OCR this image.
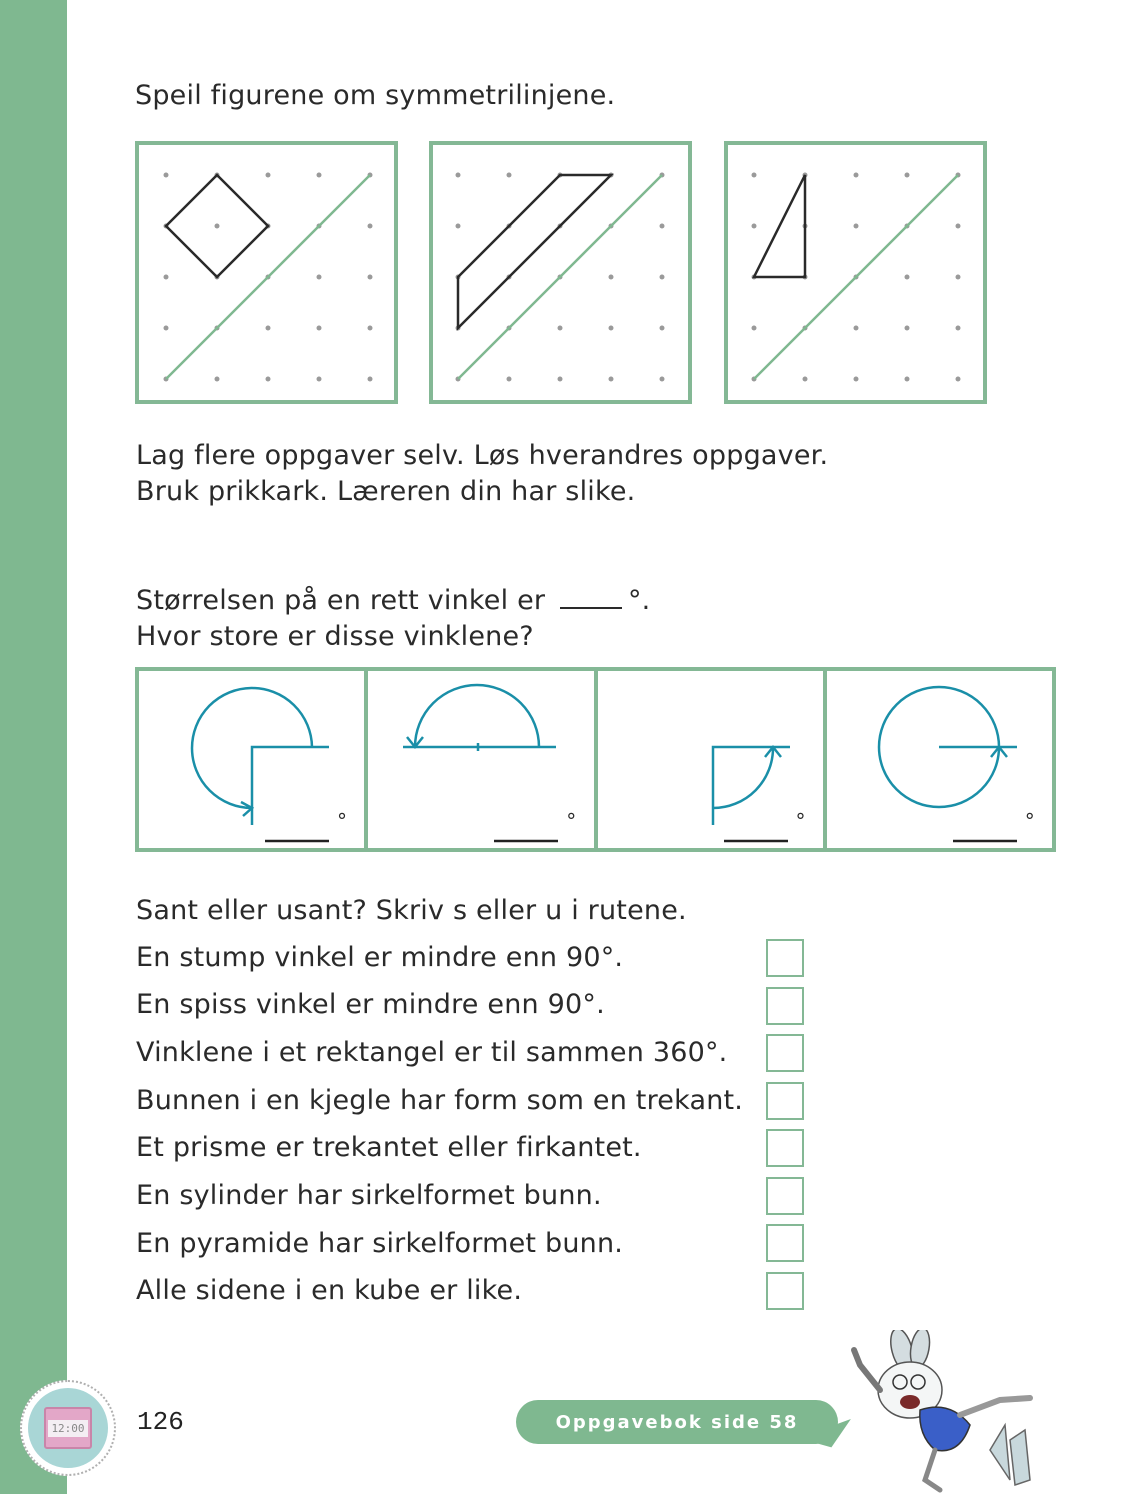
Speil figurene om symmetrilinjene.
Lag flere oppgaver selv. Løs hverandres oppgaver.
Bruk prikkark. Læreren din har slike.
Størrelsen på en rett vinkel er	°.
Hvor store er disse vinklene?
°	°	°	°
Sant eller usant? Skriv s eller u i rutene.
En stump vinkel er mindre enn 90°.
En spiss vinkel er mindre enn 90°.
Vinklene i et rektangel er til sammen 360°.
Bunnen i en kjegle har form som en trekant.
Et prisme er trekantet eller firkantet.
En sylinder har sirkelformet bunn.
En pyramide har sirkelformet bunn.
Alle sidene i en kube er like.
12:00 126	Oppgavebok side 58
